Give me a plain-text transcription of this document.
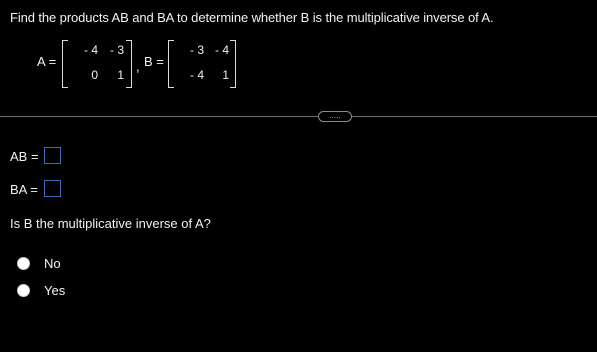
Find the products AB and BA to determine whether B is the multiplicative inverse of A.
A =
- 4 - 3
0	1
, B =
- 3 - 4
- 4	1
.....
AB =
BA =
Is B the multiplicative inverse of A?
No
Yes
